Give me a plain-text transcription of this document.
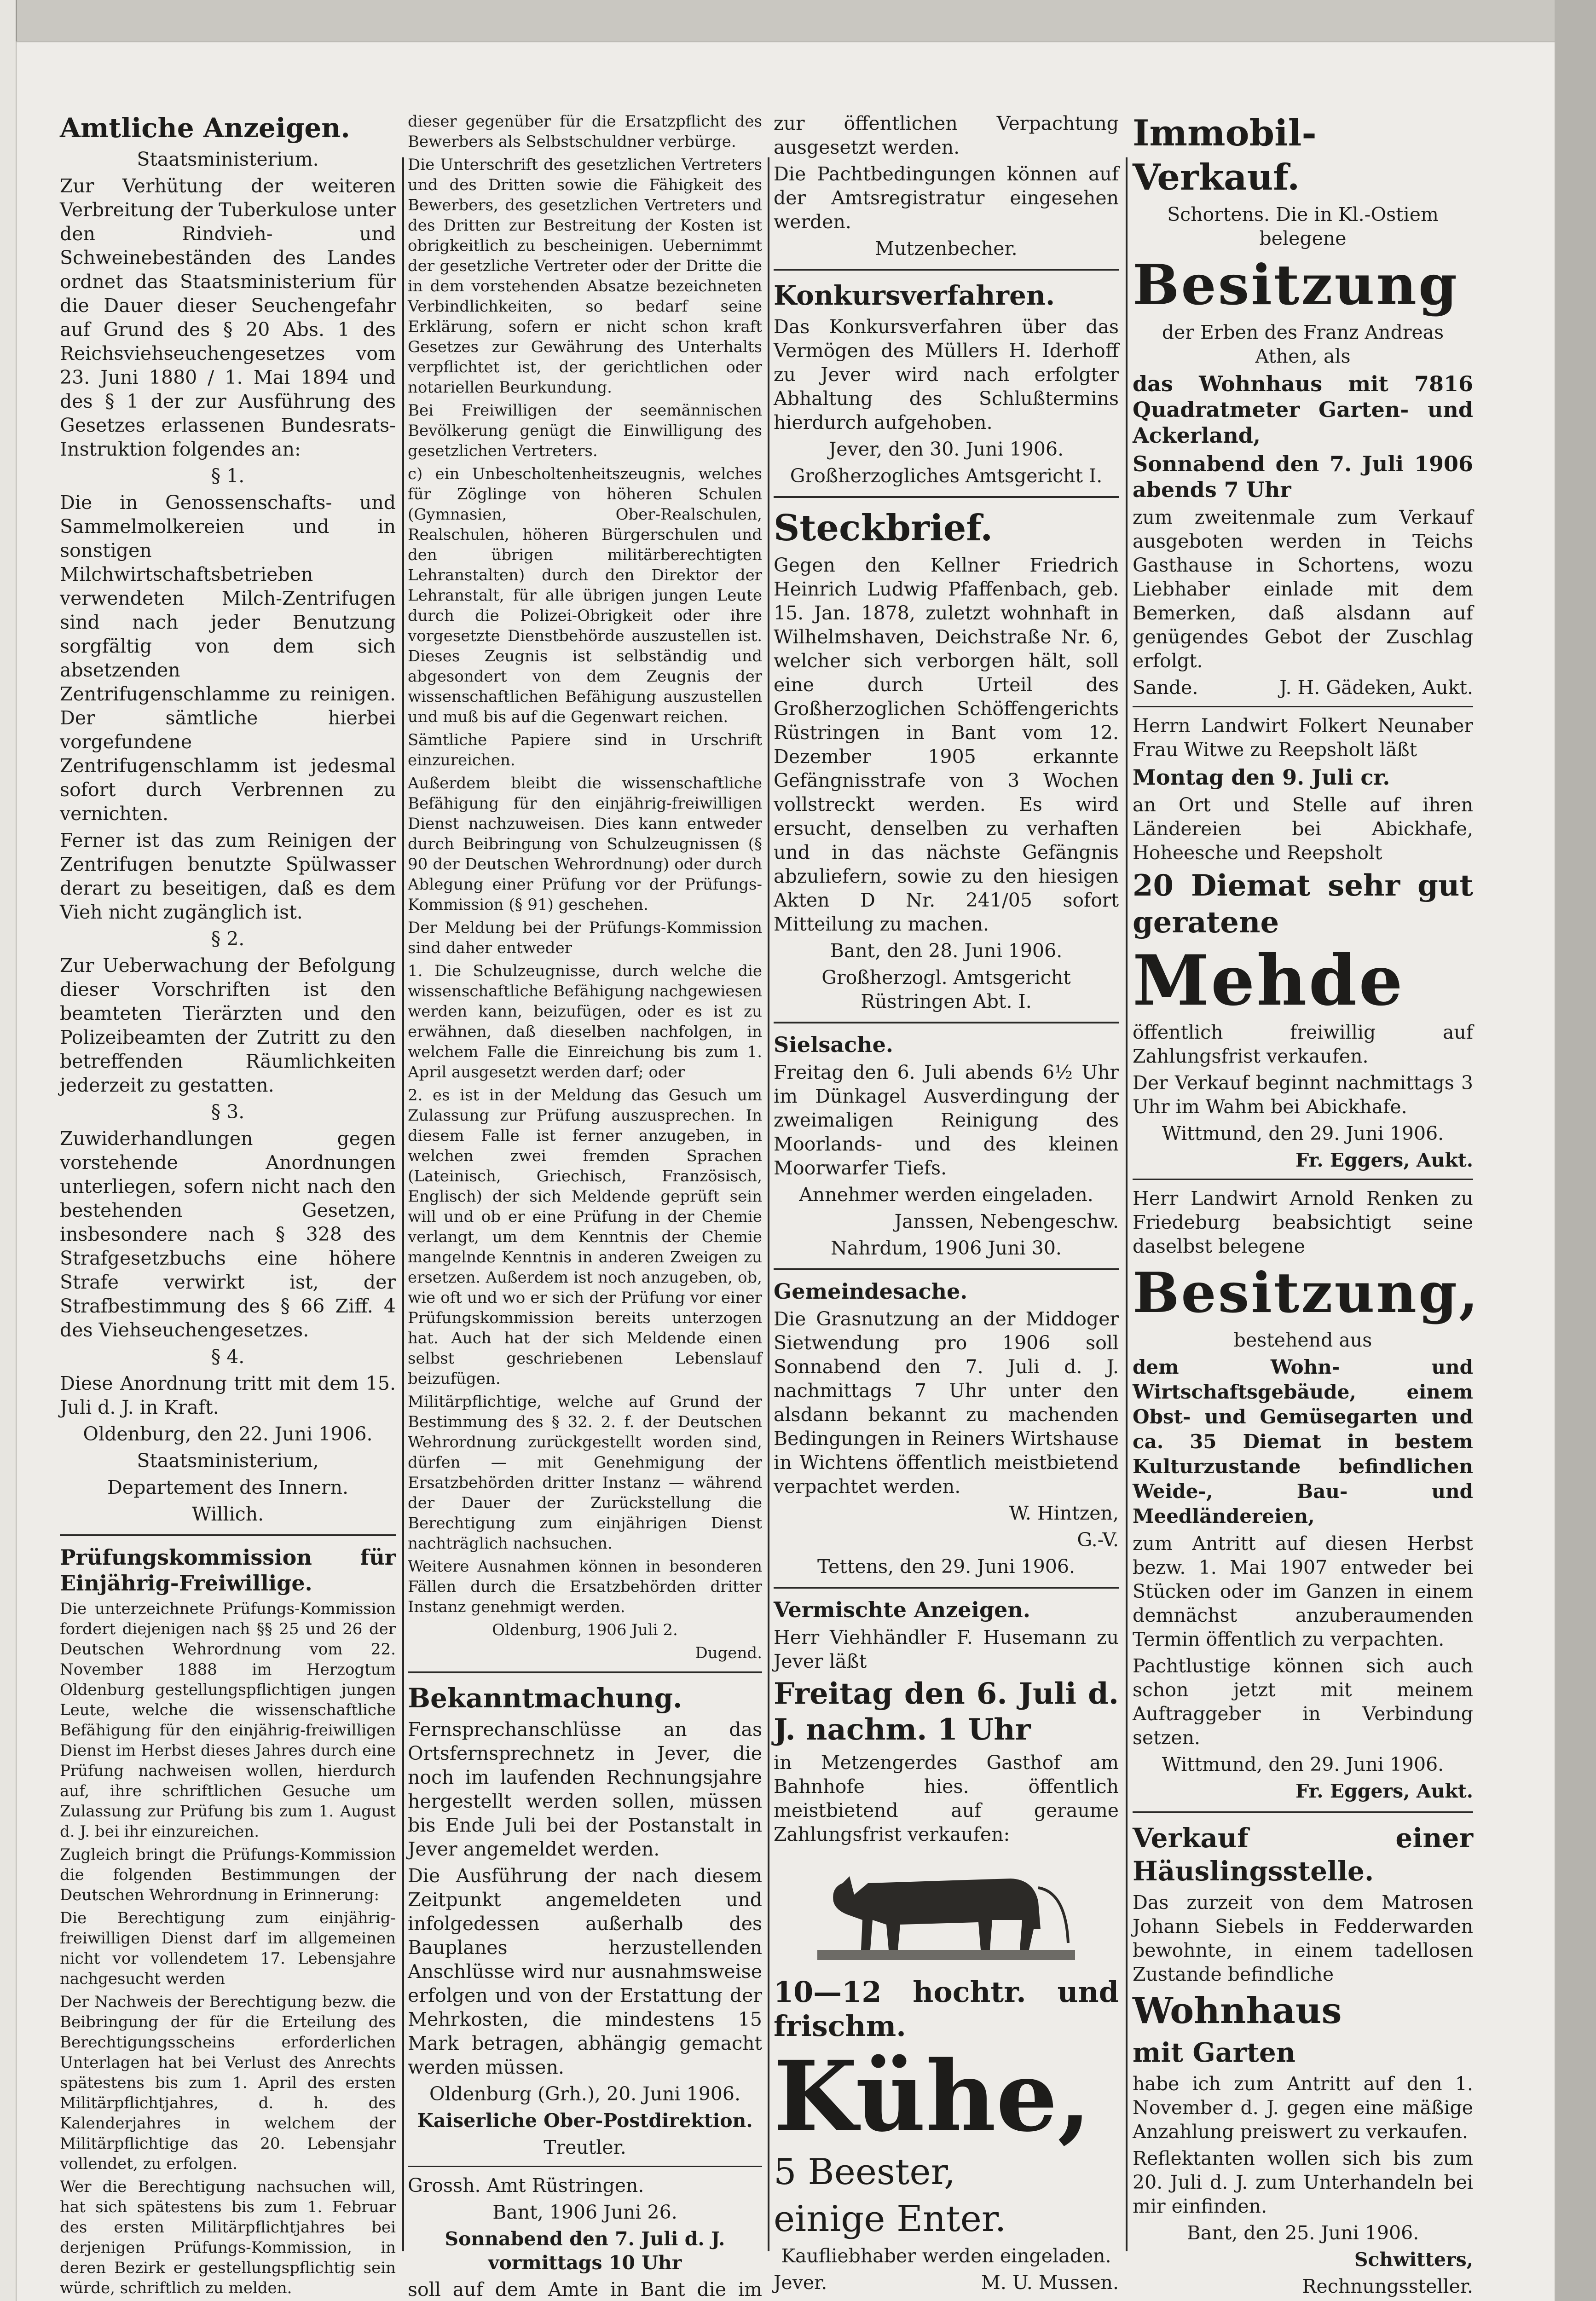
Amtliche Anzeigen.

Staatsministerium.

Zur Verhütung der weiteren Verbreitung der Tuberkulose unter den Rindvieh- und Schweinebeständen des Landes ordnet das Staatsministerium für die Dauer dieser Seuchengefahr auf Grund des § 20 Abs. 1 des Reichsviehseuchengesetzes vom 23. Juni 1880 / 1. Mai 1894 und des § 1 der zur Ausführung des Gesetzes erlassenen Bundesrats-Instruktion folgendes an:

§ 1.

Die in Genossenschafts- und Sammelmolkereien und in sonstigen Milchwirtschaftsbetrieben verwendeten Milch-Zentrifugen sind nach jeder Benutzung sorgfältig von dem sich absetzenden Zentrifugenschlamme zu reinigen. Der sämtliche hierbei vorgefundene Zentrifugenschlamm ist jedesmal sofort durch Verbrennen zu vernichten.

Ferner ist das zum Reinigen der Zentrifugen benutzte Spülwasser derart zu beseitigen, daß es dem Vieh nicht zugänglich ist.

§ 2.

Zur Ueberwachung der Befolgung dieser Vorschriften ist den beamteten Tierärzten und den Polizeibeamten der Zutritt zu den betreffenden Räumlichkeiten jederzeit zu gestatten.

§ 3.

Zuwiderhandlungen gegen vorstehende Anordnungen unterliegen, sofern nicht nach den bestehenden Gesetzen, insbesondere nach § 328 des Strafgesetzbuchs eine höhere Strafe verwirkt ist, der Strafbestimmung des § 66 Ziff. 4 des Viehseuchengesetzes.

§ 4.

Diese Anordnung tritt mit dem 15. Juli d. J. in Kraft.

Oldenburg, den 22. Juni 1906.

Staatsministerium,

Departement des Innern.

Willich.

Prüfungskommission für Einjährig-Freiwillige.

Die unterzeichnete Prüfungs-Kommission fordert diejenigen nach §§ 25 und 26 der Deutschen Wehrordnung vom 22. November 1888 im Herzogtum Oldenburg gestellungspflichtigen jungen Leute, welche die wissenschaftliche Befähigung für den einjährig-freiwilligen Dienst im Herbst dieses Jahres durch eine Prüfung nachweisen wollen, hierdurch auf, ihre schriftlichen Gesuche um Zulassung zur Prüfung bis zum 1. August d. J. bei ihr einzureichen.

Zugleich bringt die Prüfungs-Kommission die folgenden Bestimmungen der Deutschen Wehrordnung in Erinnerung:

Die Berechtigung zum einjährig-freiwilligen Dienst darf im allgemeinen nicht vor vollendetem 17. Lebensjahre nachgesucht werden

Der Nachweis der Berechtigung bezw. die Beibringung der für die Erteilung des Berechtigungsscheins erforderlichen Unterlagen hat bei Verlust des Anrechts spätestens bis zum 1. April des ersten Militärpflichtjahres, d. h. des Kalenderjahres in welchem der Militärpflichtige das 20. Lebensjahr vollendet, zu erfolgen.

Wer die Berechtigung nachsuchen will, hat sich spätestens bis zum 1. Februar des ersten Militärpflichtjahres bei derjenigen Prüfungs-Kommission, in deren Bezirk er gestellungspflichtig sein würde, schriftlich zu melden.

dieser gegenüber für die Ersatzpflicht des Bewerbers als Selbstschuldner verbürge.

Die Unterschrift des gesetzlichen Vertreters und des Dritten sowie die Fähigkeit des Bewerbers, des gesetzlichen Vertreters und des Dritten zur Bestreitung der Kosten ist obrigkeitlich zu bescheinigen. Uebernimmt der gesetzliche Vertreter oder der Dritte die in dem vorstehenden Absatze bezeichneten Verbindlichkeiten, so bedarf seine Erklärung, sofern er nicht schon kraft Gesetzes zur Gewährung des Unterhalts verpflichtet ist, der gerichtlichen oder notariellen Beurkundung.

Bei Freiwilligen der seemännischen Bevölkerung genügt die Einwilligung des gesetzlichen Vertreters.

c) ein Unbescholtenheitszeugnis, welches für Zöglinge von höheren Schulen (Gymnasien, Ober-Realschulen, Realschulen, höheren Bürgerschulen und den übrigen militärberechtigten Lehranstalten) durch den Direktor der Lehranstalt, für alle übrigen jungen Leute durch die Polizei-Obrigkeit oder ihre vorgesetzte Dienstbehörde auszustellen ist. Dieses Zeugnis ist selbständig und abgesondert von dem Zeugnis der wissenschaftlichen Befähigung auszustellen und muß bis auf die Gegenwart reichen.

Sämtliche Papiere sind in Urschrift einzureichen.

Außerdem bleibt die wissenschaftliche Befähigung für den einjährig-freiwilligen Dienst nachzuweisen. Dies kann entweder durch Beibringung von Schulzeugnissen (§ 90 der Deutschen Wehrordnung) oder durch Ablegung einer Prüfung vor der Prüfungs-Kommission (§ 91) geschehen.

Der Meldung bei der Prüfungs-Kommission sind daher entweder

1. Die Schulzeugnisse, durch welche die wissenschaftliche Befähigung nachgewiesen werden kann, beizufügen, oder es ist zu erwähnen, daß dieselben nachfolgen, in welchem Falle die Einreichung bis zum 1. April ausgesetzt werden darf; oder

2. es ist in der Meldung das Gesuch um Zulassung zur Prüfung auszusprechen. In diesem Falle ist ferner anzugeben, in welchen zwei fremden Sprachen (Lateinisch, Griechisch, Französisch, Englisch) der sich Meldende geprüft sein will und ob er eine Prüfung in der Chemie verlangt, um dem Kenntnis der Chemie mangelnde Kenntnis in anderen Zweigen zu ersetzen. Außerdem ist noch anzugeben, ob, wie oft und wo er sich der Prüfung vor einer Prüfungskommission bereits unterzogen hat. Auch hat der sich Meldende einen selbst geschriebenen Lebenslauf beizufügen.

Militärpflichtige, welche auf Grund der Bestimmung des § 32. 2. f. der Deutschen Wehrordnung zurückgestellt worden sind, dürfen — mit Genehmigung der Ersatzbehörden dritter Instanz — während der Dauer der Zurückstellung die Berechtigung zum einjährigen Dienst nachträglich nachsuchen.

Weitere Ausnahmen können in besonderen Fällen durch die Ersatzbehörden dritter Instanz genehmigt werden.

Oldenburg, 1906 Juli 2.

Dugend.

Bekanntmachung.

Fernsprechanschlüsse an das Ortsfernsprechnetz in Jever, die noch im laufenden Rechnungsjahre hergestellt werden sollen, müssen bis Ende Juli bei der Postanstalt in Jever angemeldet werden.

Die Ausführung der nach diesem Zeitpunkt angemeldeten und infolgedessen außerhalb des Bauplanes herzustellenden Anschlüsse wird nur ausnahmsweise erfolgen und von der Erstattung der Mehrkosten, die mindestens 15 Mark betragen, abhängig gemacht werden müssen.

Oldenburg (Grh.), 20. Juni 1906.

Kaiserliche Ober-Postdirektion.

Treutler.

Grossh. Amt Rüstringen.

Bant, 1906 Juni 26.

Sonnabend den 7. Juli d. J. vormittags 10 Uhr

soll auf dem Amte in Bant die im

zur öffentlichen Verpachtung ausgesetzt werden.

Die Pachtbedingungen können auf der Amtsregistratur eingesehen werden.

Mutzenbecher.

Konkursverfahren.

Das Konkursverfahren über das Vermögen des Müllers H. Iderhoff zu Jever wird nach erfolgter Abhaltung des Schlußtermins hierdurch aufgehoben.

Jever, den 30. Juni 1906.

Großherzogliches Amtsgericht I.

Steckbrief.

Gegen den Kellner Friedrich Heinrich Ludwig Pfaffenbach, geb. 15. Jan. 1878, zuletzt wohnhaft in Wilhelmshaven, Deichstraße Nr. 6, welcher sich verborgen hält, soll eine durch Urteil des Großherzoglichen Schöffengerichts Rüstringen in Bant vom 12. Dezember 1905 erkannte Gefängnisstrafe von 3 Wochen vollstreckt werden. Es wird ersucht, denselben zu verhaften und in das nächste Gefängnis abzuliefern, sowie zu den hiesigen Akten D Nr. 241/05 sofort Mitteilung zu machen.

Bant, den 28. Juni 1906.

Großherzogl. Amtsgericht Rüstringen Abt. I.

Sielsache.

Freitag den 6. Juli abends 6½ Uhr im Dünkagel Ausverdingung der zweimaligen Reinigung des Moorlands- und des kleinen Moorwarfer Tiefs.

Annehmer werden eingeladen.

Janssen, Nebengeschw.

Nahrdum, 1906 Juni 30.

Gemeindesache.

Die Grasnutzung an der Middoger Sietwendung pro 1906 soll Sonnabend den 7. Juli d. J. nachmittags 7 Uhr unter den alsdann bekannt zu machenden Bedingungen in Reiners Wirtshause in Wichtens öffentlich meistbietend verpachtet werden.

W. Hintzen,

G.-V.

Tettens, den 29. Juni 1906.

Vermischte Anzeigen.

Herr Viehhändler F. Husemann zu Jever läßt

Freitag den 6. Juli d. J. nachm. 1 Uhr

in Metzengerdes Gasthof am Bahnhofe hies. öffentlich meistbietend auf geraume Zahlungsfrist verkaufen:

10—12 hochtr. und frischm.

Kühe,

5 Beester,

einige Enter.

Kaufliebhaber werden eingeladen.

Jever.	M. U. Mussen.

Immobil-Verkauf.

Schortens. Die in Kl.-Ostiem belegene

Besitzung

der Erben des Franz Andreas Athen, als

das Wohnhaus mit 7816 Quadratmeter Garten- und Ackerland,

Sonnabend den 7. Juli 1906 abends 7 Uhr

zum zweitenmale zum Verkauf ausgeboten werden in Teichs Gasthause in Schortens, wozu Liebhaber einlade mit dem Bemerken, daß alsdann auf genügendes Gebot der Zuschlag erfolgt.

Sande.	J. H. Gädeken, Aukt.

Herrn Landwirt Folkert Neunaber Frau Witwe zu Reepsholt läßt

Montag den 9. Juli cr.

an Ort und Stelle auf ihren Ländereien bei Abickhafe, Hoheesche und Reepsholt

20 Diemat sehr gut geratene

Mehde

öffentlich freiwillig auf Zahlungsfrist verkaufen.

Der Verkauf beginnt nachmittags 3 Uhr im Wahm bei Abickhafe.

Wittmund, den 29. Juni 1906.

Fr. Eggers, Aukt.

Herr Landwirt Arnold Renken zu Friedeburg beabsichtigt seine daselbst belegene

Besitzung,

bestehend aus

dem Wohn- und Wirtschaftsgebäude, einem Obst- und Gemüsegarten und ca. 35 Diemat in bestem Kulturzustande befindlichen Weide-, Bau- und Meedländereien,

zum Antritt auf diesen Herbst bezw. 1. Mai 1907 entweder bei Stücken oder im Ganzen in einem demnächst anzuberaumenden Termin öffentlich zu verpachten.

Pachtlustige können sich auch schon jetzt mit meinem Auftraggeber in Verbindung setzen.

Wittmund, den 29. Juni 1906.

Fr. Eggers, Aukt.

Verkauf einer Häuslingsstelle.

Das zurzeit von dem Matrosen Johann Siebels in Fedderwarden bewohnte, in einem tadellosen Zustande befindliche

Wohnhaus

mit Garten

habe ich zum Antritt auf den 1. November d. J. gegen eine mäßige Anzahlung preiswert zu verkaufen.

Reflektanten wollen sich bis zum 20. Juli d. J. zum Unterhandeln bei mir einfinden.

Bant, den 25. Juni 1906.

Schwitters,

Rechnungssteller.
